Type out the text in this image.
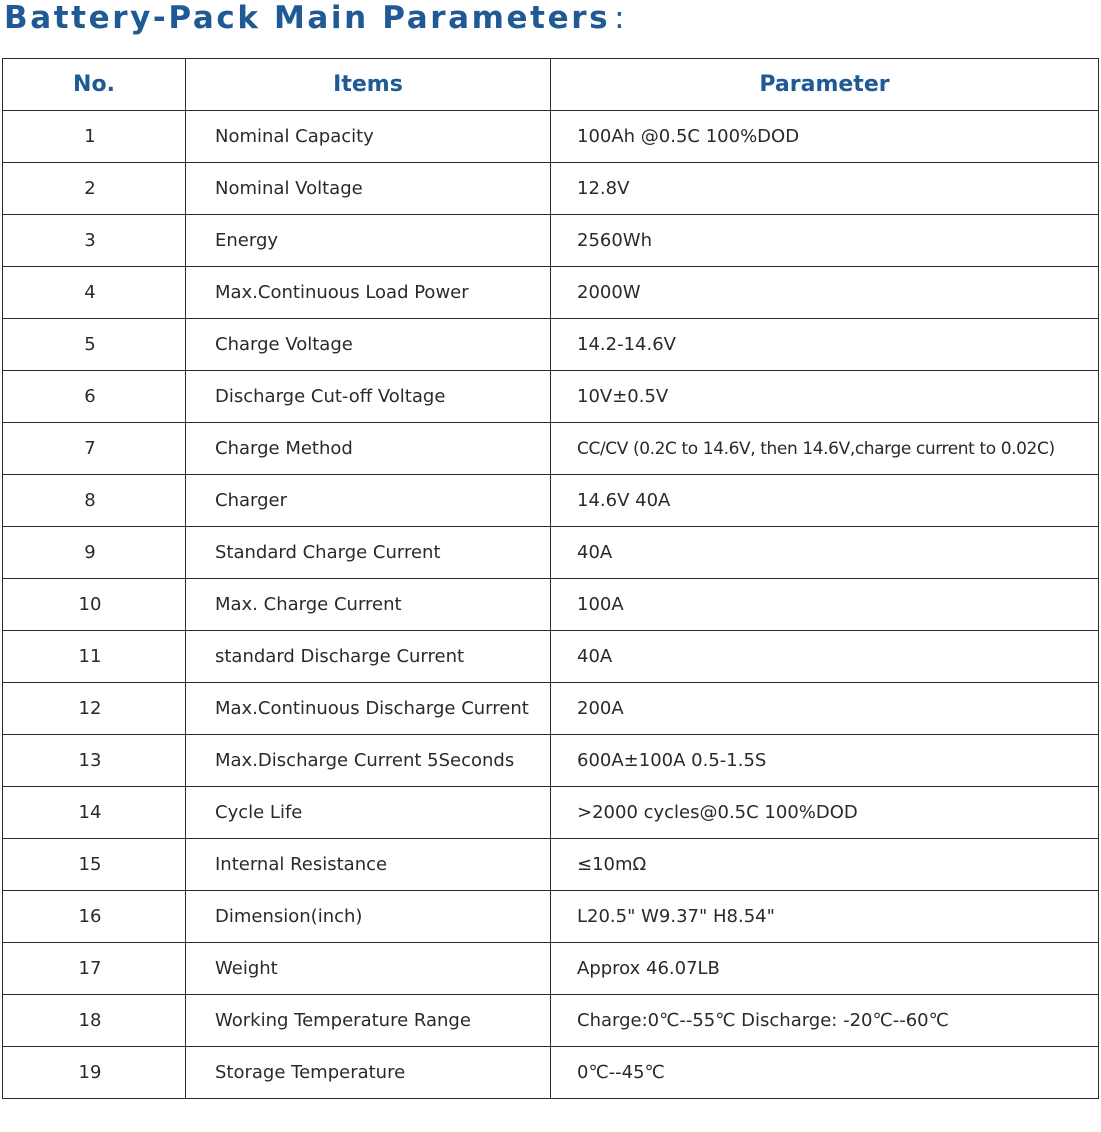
Battery-Pack Main Parameters :
No.	Items	Parameter
1	Nominal Capacity	100Ah @0.5C 100%DOD
2	Nominal Voltage	12.8V
3	Energy	2560Wh
4	Max.Continuous Load Power	2000W
5	Charge Voltage	14.2-14.6V
6	Discharge Cut-off Voltage	10V±0.5V
7	Charge Method	CC/CV (0.2C to 14.6V, then 14.6V,charge current to 0.02C)
8	Charger	14.6V 40A
9	Standard Charge Current	40A
10	Max. Charge Current	100A
11	standard Discharge Current	40A
12	Max.Continuous Discharge Current	200A
13	Max.Discharge Current 5Seconds	600A±100A 0.5-1.5S
14	Cycle Life	>2000 cycles@0.5C 100%DOD
15	Internal Resistance	≤10mΩ
16	Dimension(inch)	L20.5" W9.37" H8.54"
17	Weight	Approx 46.07LB
18	Working Temperature Range	Charge:0℃--55℃ Discharge: -20℃--60℃
19	Storage Temperature	0℃--45℃
